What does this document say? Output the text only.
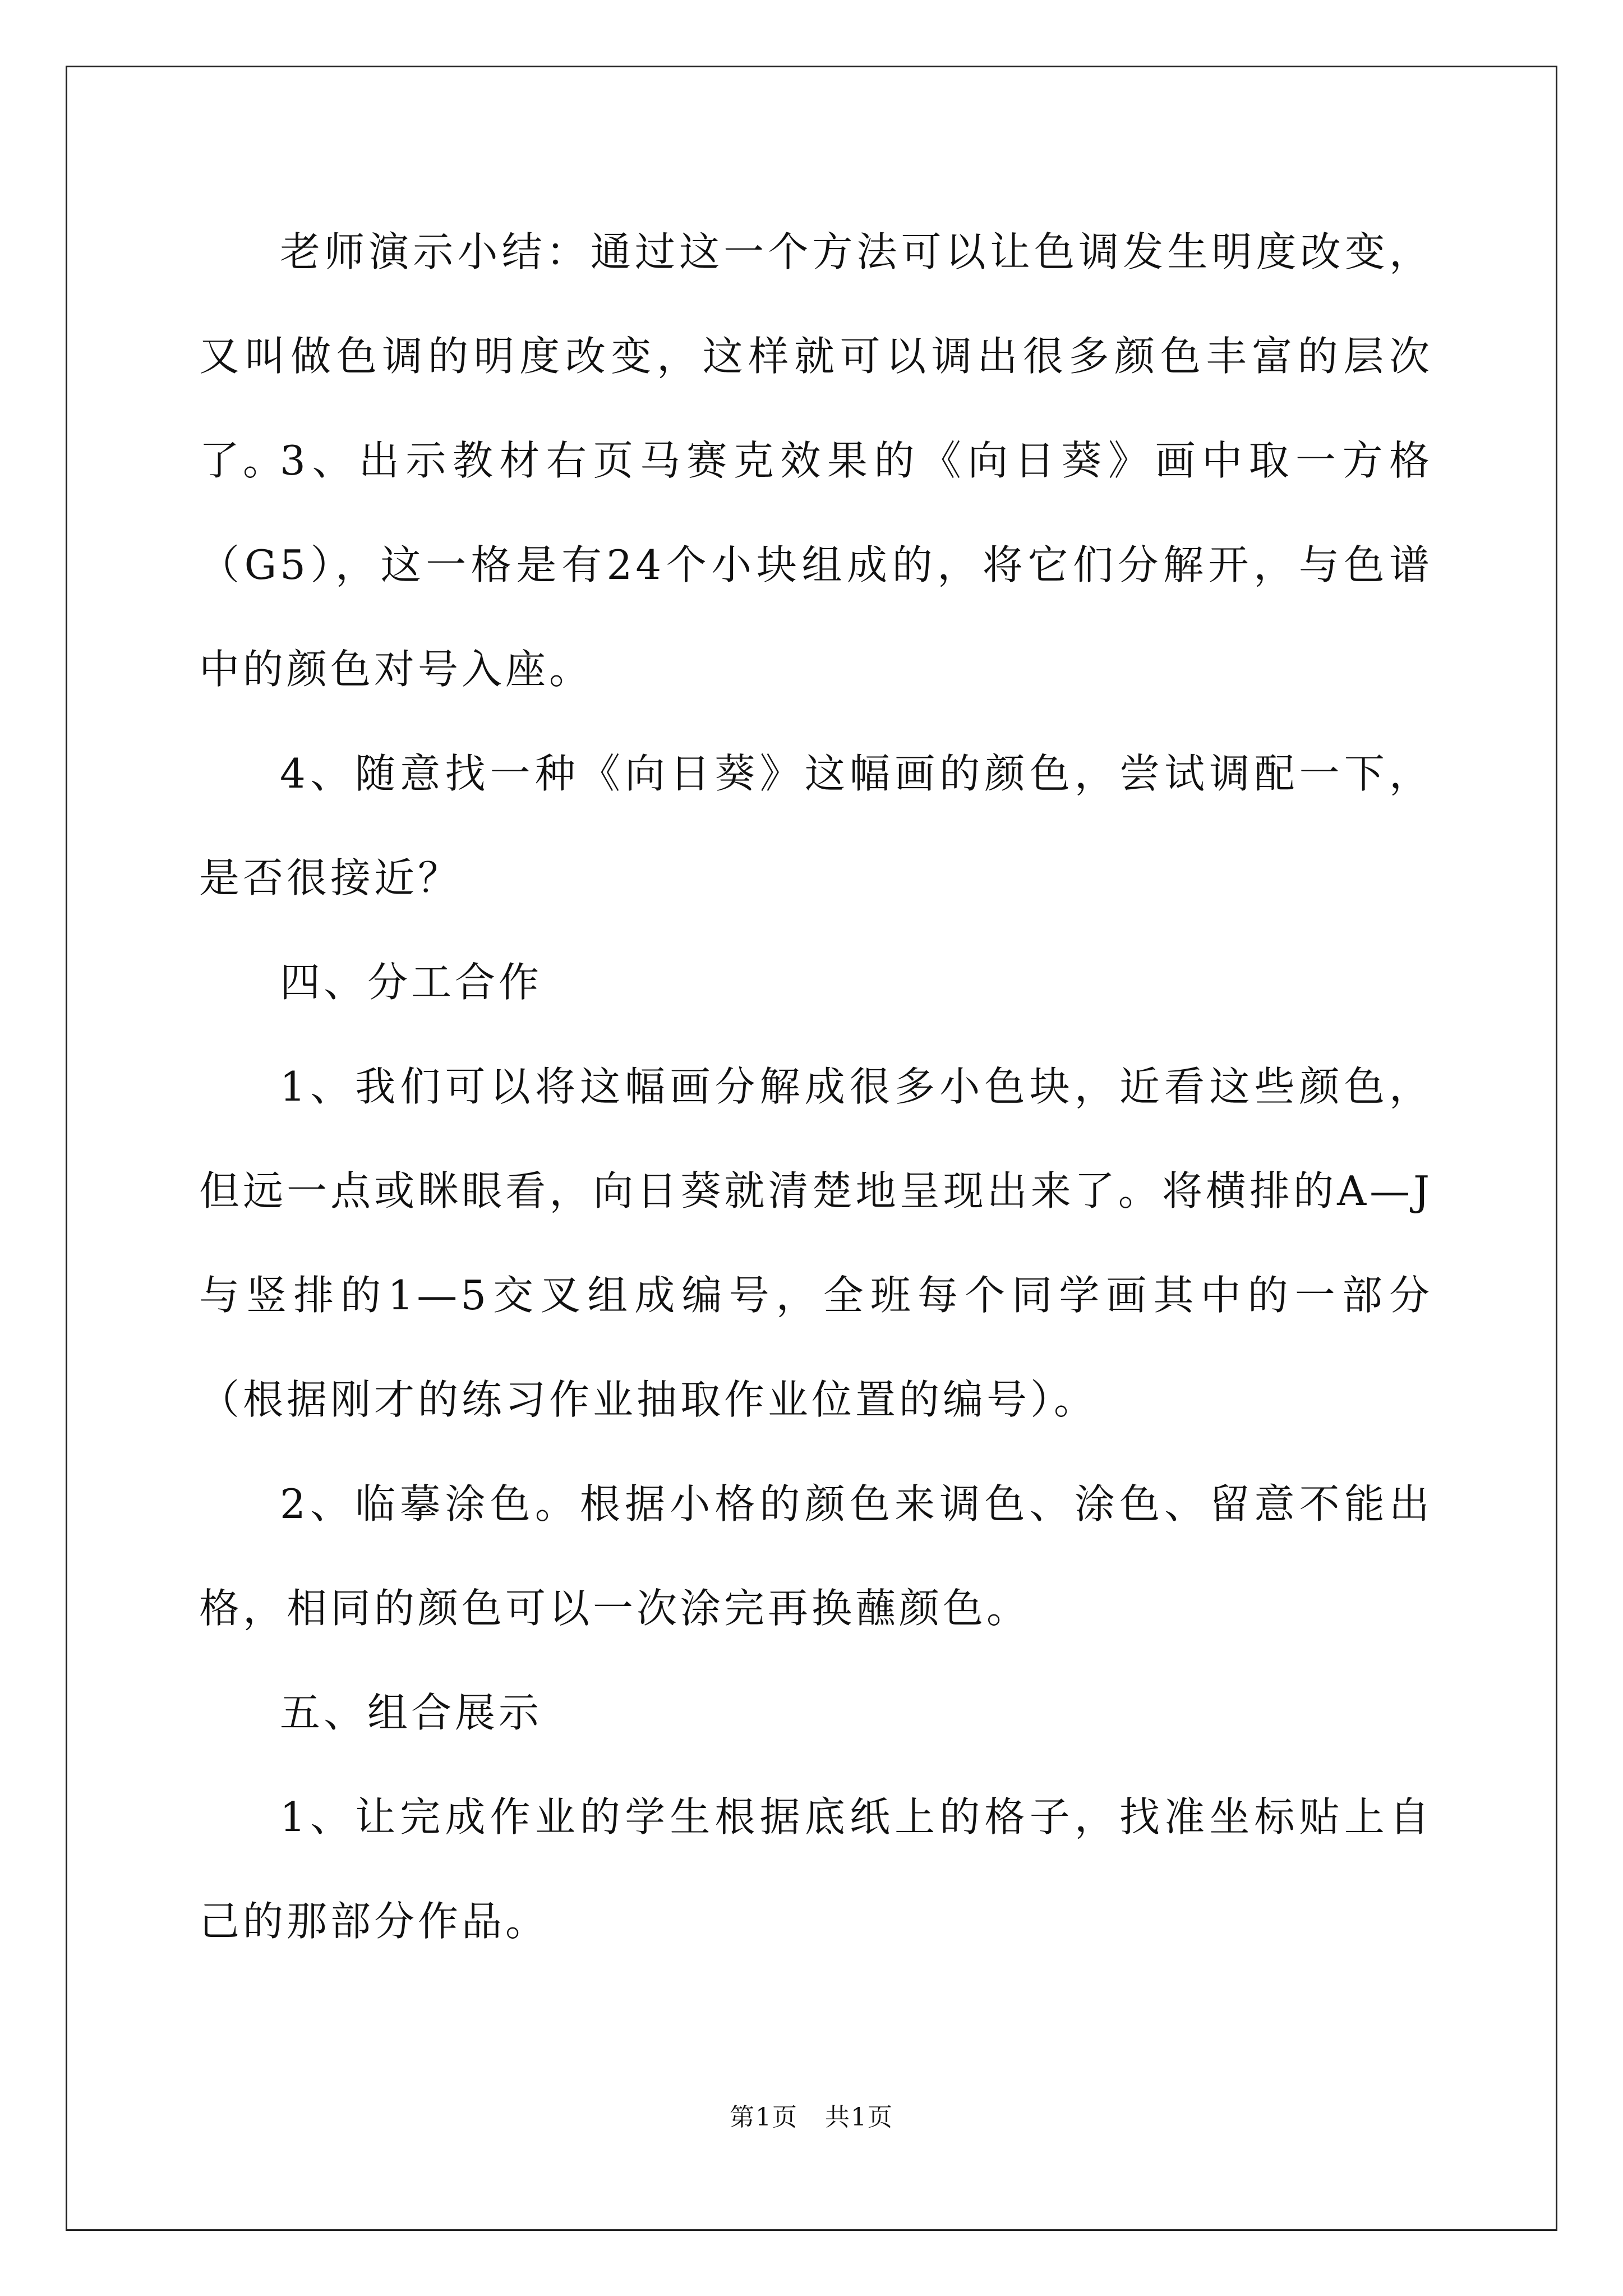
老师演示小结：通过这一个方法可以让色调发生明度改变，又叫做色调的明度改变，这样就可以调出很多颜色丰富的层次了。

3、出示教材右页马赛克效果的《向日葵》画中取一方格（G5），这一格是有24个小块组成的，将它们分解开，与色谱中的颜色对号入座。

4、随意找一种《向日葵》这幅画的颜色，尝试调配一下，是否很接近？

四、分工合作

1、我们可以将这幅画分解成很多小色块，近看这些颜色，但远一点或眯眼看，向日葵就清楚地呈现出来了。将横排的A—J与竖排的1—5交叉组成编号，全班每个同学画其中的一部分（根据刚才的练习作业抽取作业位置的编号）。

2、临摹涂色。根据小格的颜色来调色、涂色、留意不能出格，相同的颜色可以一次涂完再换蘸颜色。

五、组合展示

1、让完成作业的学生根据底纸上的格子，找准坐标贴上自己的那部分作品。

第1页   共1页
